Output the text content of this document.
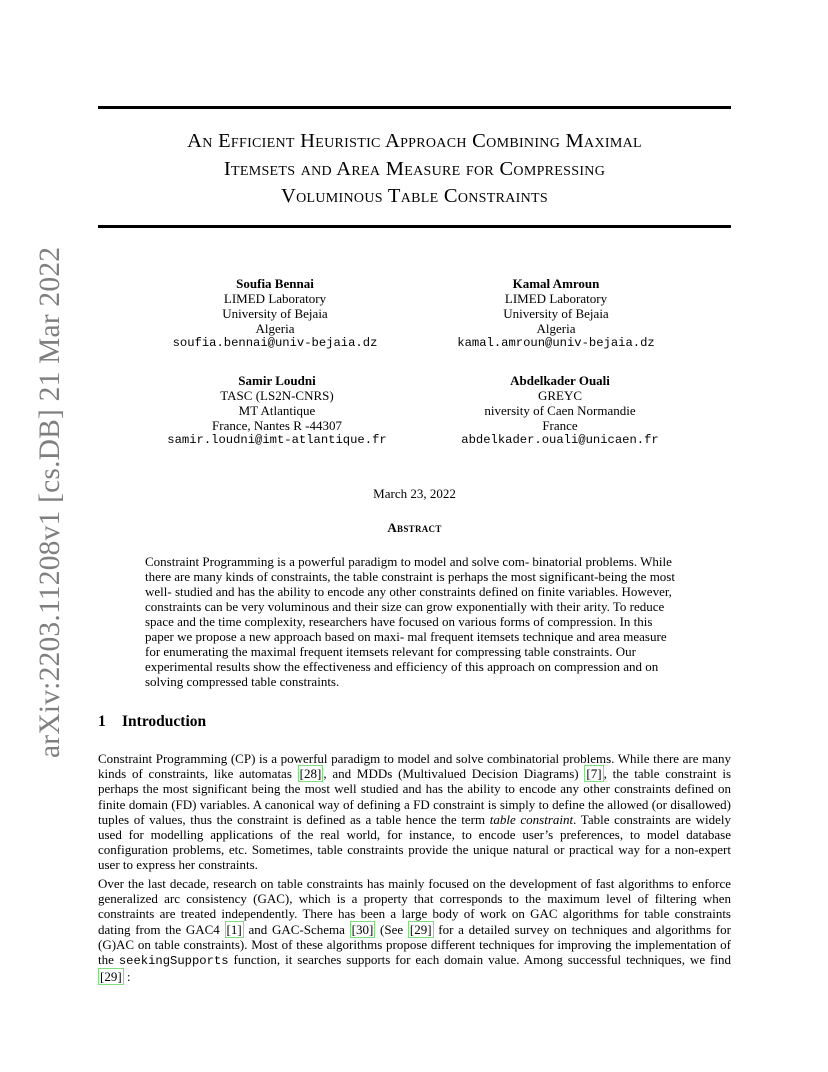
arXiv:2203.11208v1 [cs.DB] 21 Mar 2022
An Efficient Heuristic Approach Combining Maximal
Itemsets and Area Measure for Compressing
Voluminous Table Constraints
Soufia Bennai
LIMED Laboratory
University of Bejaia
Algeria
soufia.bennai@univ-bejaia.dz
Kamal Amroun
LIMED Laboratory
University of Bejaia
Algeria
kamal.amroun@univ-bejaia.dz
Samir Loudni
TASC (LS2N-CNRS)
MT Atlantique
France, Nantes R -44307
samir.loudni@imt-atlantique.fr
Abdelkader Ouali
GREYC
niversity of Caen Normandie
France
abdelkader.ouali@unicaen.fr
March 23, 2022
Abstract
Constraint Programming is a powerful paradigm to model and solve com- binatorial problems. While there are many kinds of constraints, the table constraint is perhaps the most significant-being the most well- studied and has the ability to encode any other constraints defined on finite variables. However, constraints can be very voluminous and their size can grow exponentially with their arity. To reduce space and the time complexity, researchers have focused on various forms of compression. In this paper we propose a new approach based on maxi- mal frequent itemsets technique and area measure for enumerating the maximal frequent itemsets relevant for compressing table constraints. Our experimental results show the effectiveness and efficiency of this approach on compression and on solving compressed table constraints.
1 Introduction
Constraint Programming (CP) is a powerful paradigm to model and solve combinatorial problems. While there are many kinds of constraints, like automatas [28] , and MDDs (Multivalued Decision Diagrams) [7] , the table constraint is perhaps the most significant being the most well studied and has the ability to encode any other constraints defined on finite domain (FD) variables. A canonical way of defining a FD constraint is simply to define the allowed (or disallowed) tuples of values, thus the constraint is defined as a table hence the term table constraint. Table constraints are widely used for modelling applications of the real world, for instance, to encode user’s preferences, to model database configuration problems, etc. Sometimes, table constraints provide the unique natural or practical way for a non-expert user to express her constraints.
Over the last decade, research on table constraints has mainly focused on the development of fast algorithms to enforce generalized arc consistency (GAC), which is a property that corresponds to the maximum level of filtering when constraints are treated independently. There has been a large body of work on GAC algorithms for table constraints dating from the GAC4 [1] and GAC-Schema [30] (See [29] for a detailed survey on techniques and algorithms for (G)AC on table constraints). Most of these algorithms propose different techniques for improving the implementation of the seekingSupports function, it searches supports for each domain value. Among successful techniques, we find [29] :
